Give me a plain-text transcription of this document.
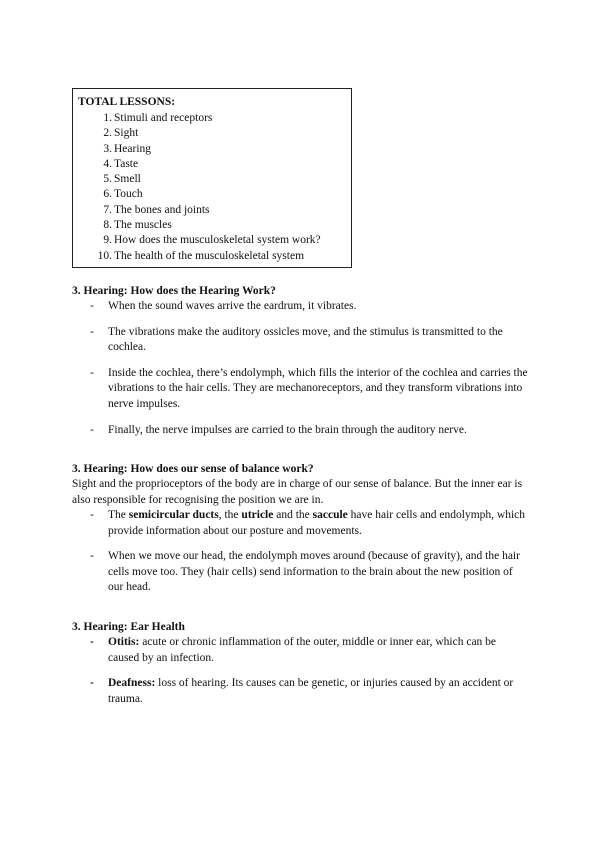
TOTAL LESSONS:
1. Stimuli and receptors
2. Sight
3. Hearing
4. Taste
5. Smell
6. Touch
7. The bones and joints
8. The muscles
9. How does the musculoskeletal system work?
10. The health of the musculoskeletal system

3. Hearing: How does the Hearing Work?

- When the sound waves arrive the eardrum, it vibrates.
- The vibrations make the auditory ossicles move, and the stimulus is transmitted to the cochlea.
- Inside the cochlea, there’s endolymph, which fills the interior of the cochlea and carries the vibrations to the hair cells. They are mechanoreceptors, and they transform vibrations into nerve impulses.
- Finally, the nerve impulses are carried to the brain through the auditory nerve.

3. Hearing: How does our sense of balance work?

Sight and the proprioceptors of the body are in charge of our sense of balance. But the inner ear is also responsible for recognising the position we are in.

- The semicircular ducts, the utricle and the saccule have hair cells and endolymph, which provide information about our posture and movements.
- When we move our head, the endolymph moves around (because of gravity), and the hair cells move too. They (hair cells) send information to the brain about the new position of our head.

3. Hearing: Ear Health

- Otitis: acute or chronic inflammation of the outer, middle or inner ear, which can be caused by an infection.
- Deafness: loss of hearing. Its causes can be genetic, or injuries caused by an accident or trauma.
